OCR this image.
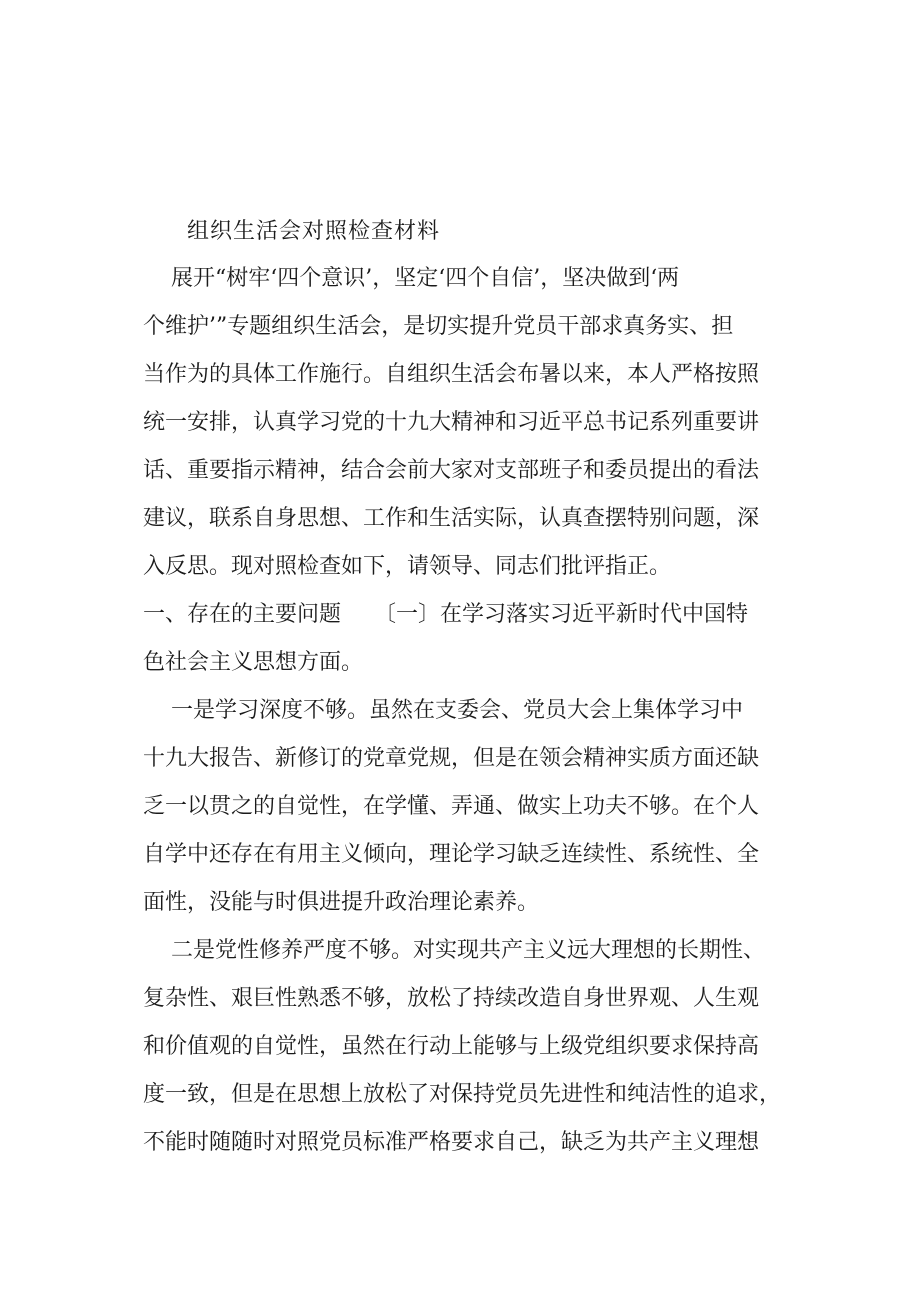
组织生活会对照检查材料
展开“树牢‘四个意识’，坚定‘四个自信’，坚决做到‘两
个维护’”专题组织生活会，是切实提升党员干部求真务实、担
当作为的具体工作施行。自组织生活会布暑以来，本人严格按照
统一安排，认真学习党的十九大精神和习近平总书记系列重要讲
话、重要指示精神，结合会前大家对支部班子和委员提出的看法
建议，联系自身思想、工作和生活实际，认真查摆特别问题，深
入反思。现对照检查如下，请领导、同志们批评指正。
一、存在的主要问题　　〔一〕在学习落实习近平新时代中国特
色社会主义思想方面。
一是学习深度不够。虽然在支委会、党员大会上集体学习中
十九大报告、新修订的党章党规，但是在领会精神实质方面还缺
乏一以贯之的自觉性，在学懂、弄通、做实上功夫不够。在个人
自学中还存在有用主义倾向，理论学习缺乏连续性、系统性、全
面性，没能与时俱进提升政治理论素养。
二是党性修养严度不够。对实现共产主义远大理想的长期性、
复杂性、艰巨性熟悉不够，放松了持续改造自身世界观、人生观
和价值观的自觉性，虽然在行动上能够与上级党组织要求保持高
度一致，但是在思想上放松了对保持党员先进性和纯洁性的追求，
不能时随随时对照党员标准严格要求自己，缺乏为共产主义理想
